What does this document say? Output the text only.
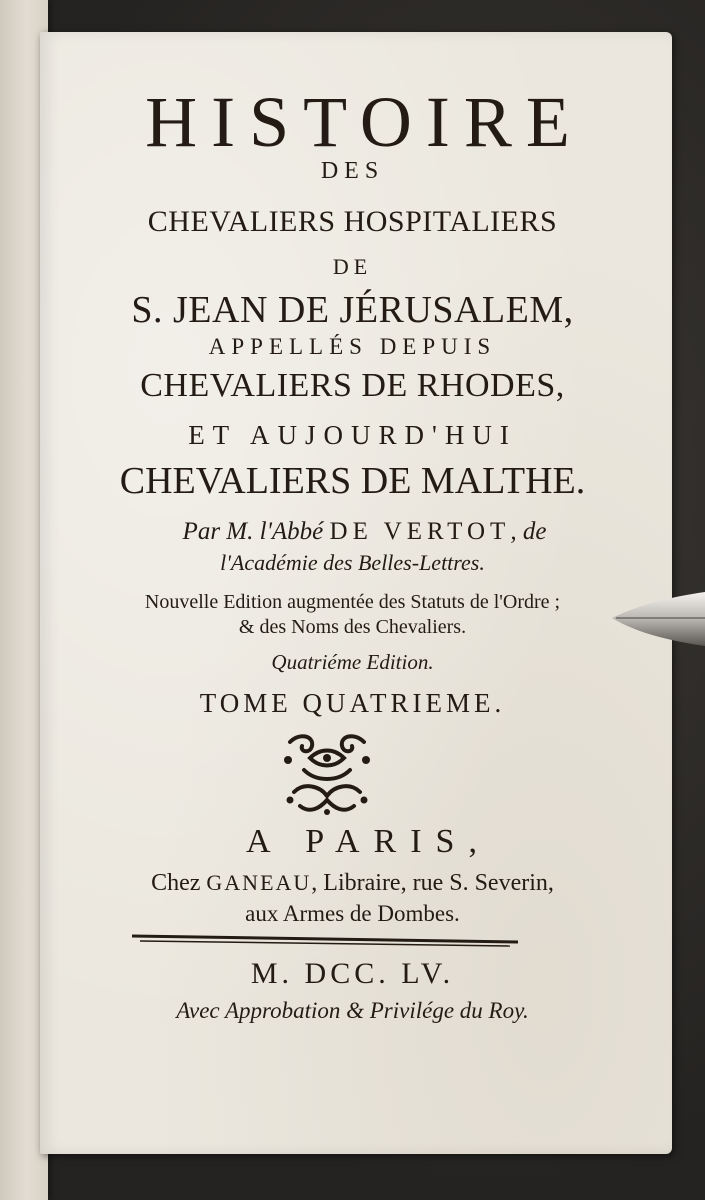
HISTOIRE
DES
CHEVALIERS HOSPITALIERS
DE
S. JEAN DE JÉRUSALEM,
APPELLÉS DEPUIS
CHEVALIERS DE RHODES,
ET AUJOURD'HUI
CHEVALIERS DE MALTHE.
Par M. l'Abbé DE VERTOT, de
l'Académie des Belles-Lettres.
Nouvelle Edition augmentée des Statuts de l'Ordre ;
& des Noms des Chevaliers.
Quatriéme Edition.
TOME QUATRIEME.
A PARIS,
Chez GANEAU, Libraire, rue S. Severin,
aux Armes de Dombes.
M. DCC. LV.
Avec Approbation & Privilége du Roy.
